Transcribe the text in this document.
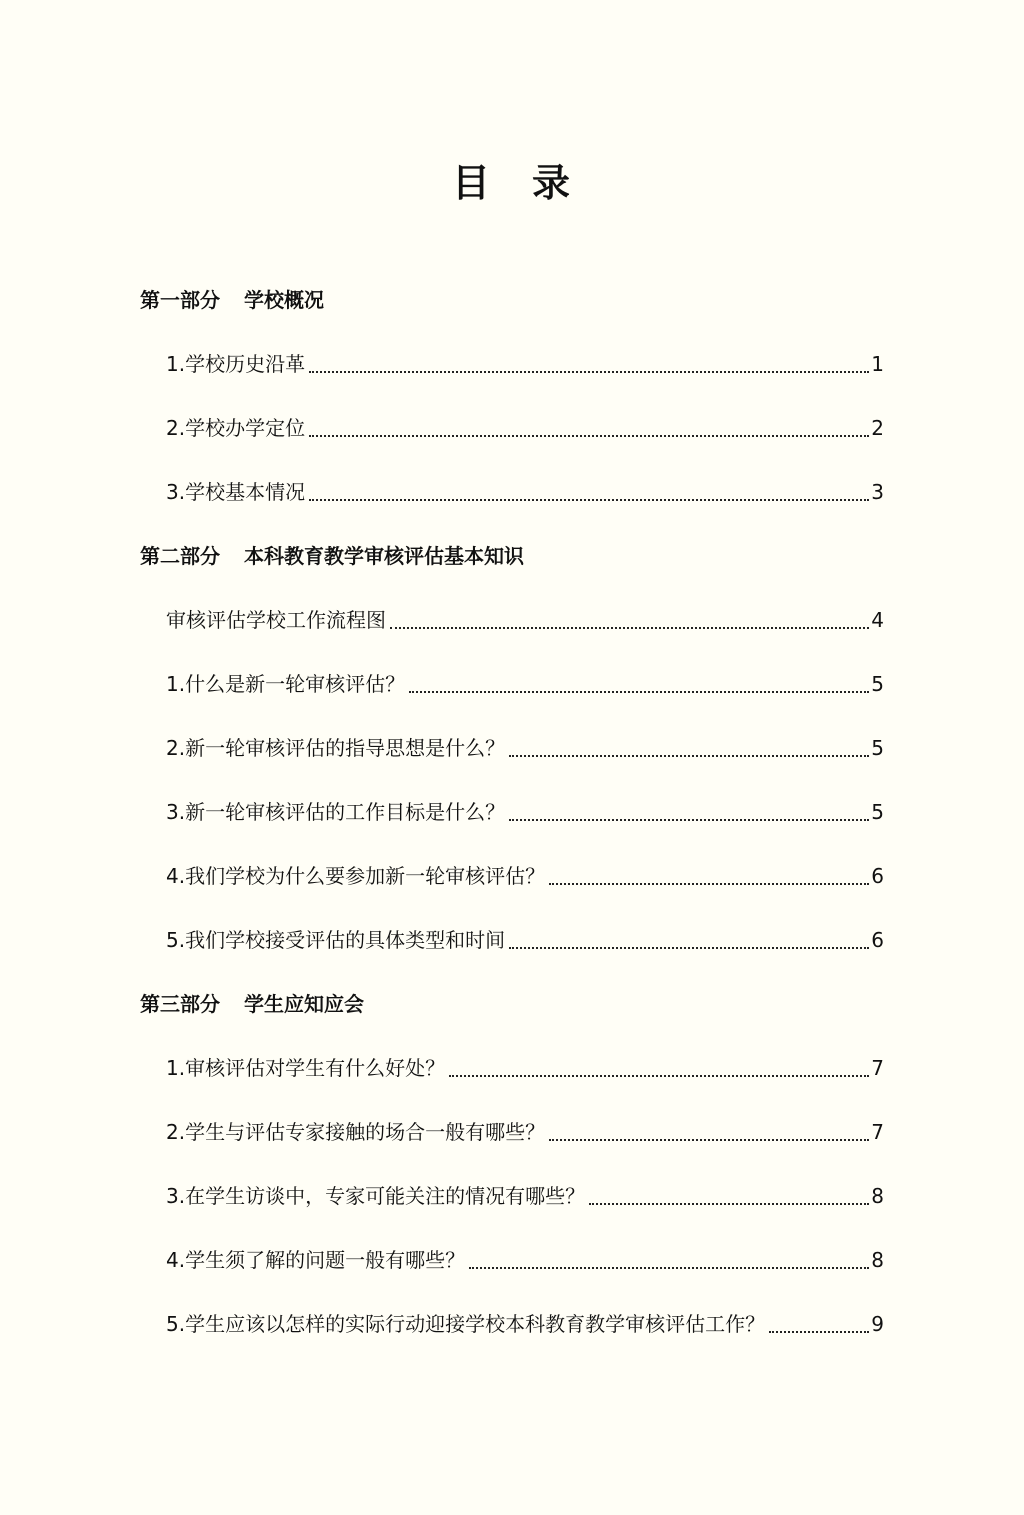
目　录
第一部分 学校概况
1.学校历史沿革	1
2.学校办学定位	2
3.学校基本情况	3
第二部分 本科教育教学审核评估基本知识
审核评估学校工作流程图	4
1.什么是新一轮审核评估？	5
2.新一轮审核评估的指导思想是什么？	5
3.新一轮审核评估的工作目标是什么？	5
4.我们学校为什么要参加新一轮审核评估？	6
5.我们学校接受评估的具体类型和时间	6
第三部分 学生应知应会
1.审核评估对学生有什么好处？	7
2.学生与评估专家接触的场合一般有哪些？	7
3.在学生访谈中，专家可能关注的情况有哪些？	8
4.学生须了解的问题一般有哪些？	8
5.学生应该以怎样的实际行动迎接学校本科教育教学审核评估工作？	9
